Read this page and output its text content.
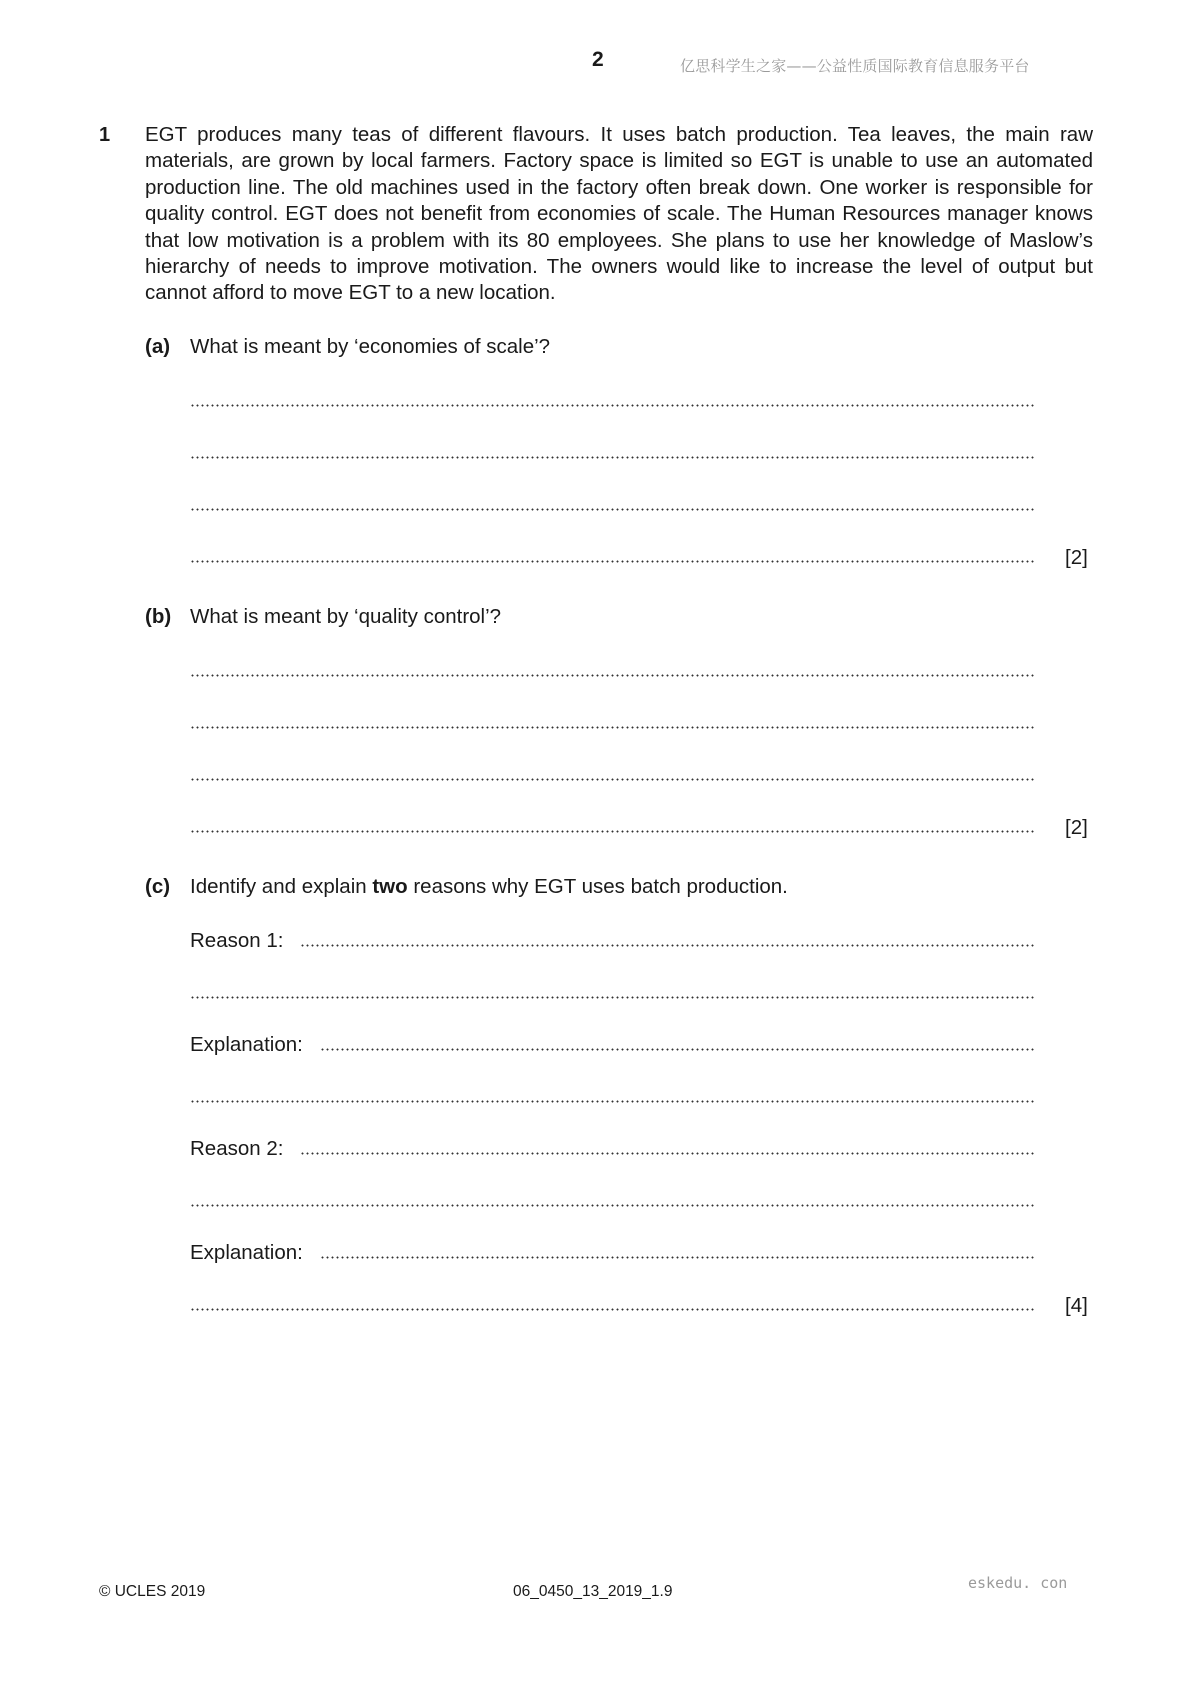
2	亿思科学生之家——公益性质国际教育信息服务平台
1 EGT produces many teas of different flavours. It uses batch production. Tea leaves, the main raw materials, are grown by local farmers. Factory space is limited so EGT is unable to use an automated production line. The old machines used in the factory often break down. One worker is responsible for quality control. EGT does not benefit from economies of scale. The Human Resources manager knows that low motivation is a problem with its 80 employees. She plans to use her knowledge of Maslow’s hierarchy of needs to improve motivation. The owners would like to increase the level of output but cannot afford to move EGT to a new location.
(a) What is meant by ‘economies of scale’?
[2]
(b) What is meant by ‘quality control’?
[2]
(c) Identify and explain two reasons why EGT uses batch production.
Reason 1:
Explanation:
Reason 2:
Explanation:
[4]
© UCLES 2019	06_0450_13_2019_1.9	eskedu. con
